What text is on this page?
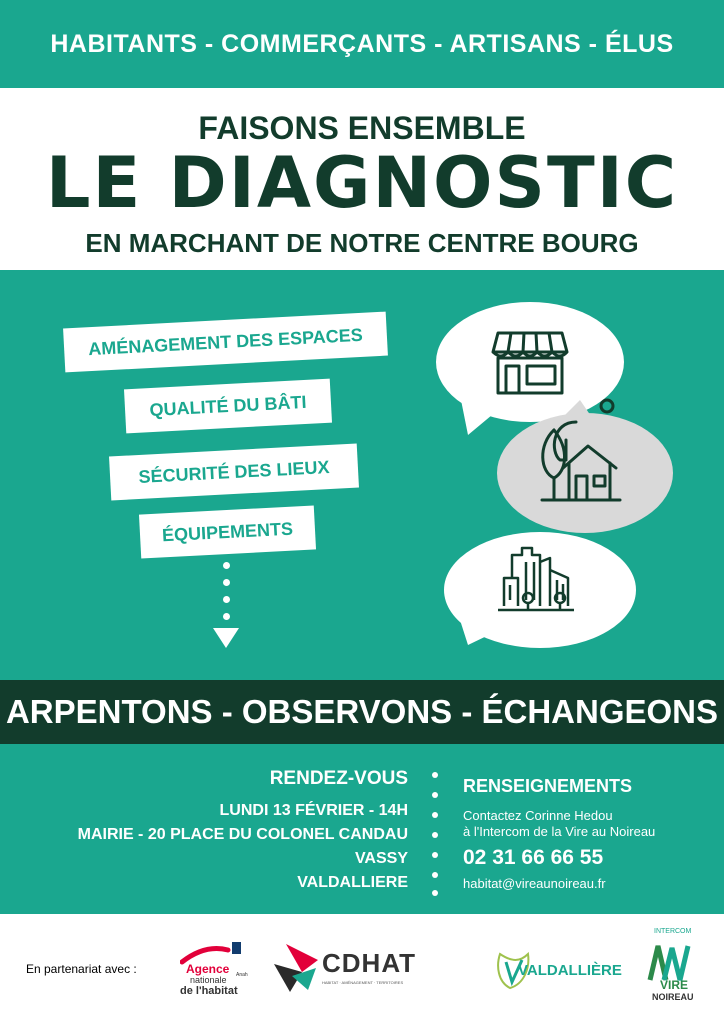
HABITANTS - COMMERÇANTS - ARTISANS - ÉLUS
FAISONS ENSEMBLE
LE DIAGNOSTIC
EN MARCHANT DE NOTRE CENTRE BOURG
AMÉNAGEMENT DES ESPACES
QUALITÉ DU BÂTI
SÉCURITÉ DES LIEUX
ÉQUIPEMENTS
ARPENTONS - OBSERVONS - ÉCHANGEONS
RENDEZ-VOUS
LUNDI 13 FÉVRIER - 14H
MAIRIE - 20 PLACE DU COLONEL CANDAU
VASSY
VALDALLIERE
RENSEIGNEMENTS
Contactez Corinne Hedou
à l'Intercom de la Vire au Noireau
02 31 66 66 55
habitat@vireaunoireau.fr
En partenariat avec :	Agence
nationale Anah
de l'habitat
CDHAT
HABITAT · AMÉNAGEMENT · TERRITOIRES
VALDALLIÈRE
INTERCOM
VIRE
NOIREAU
